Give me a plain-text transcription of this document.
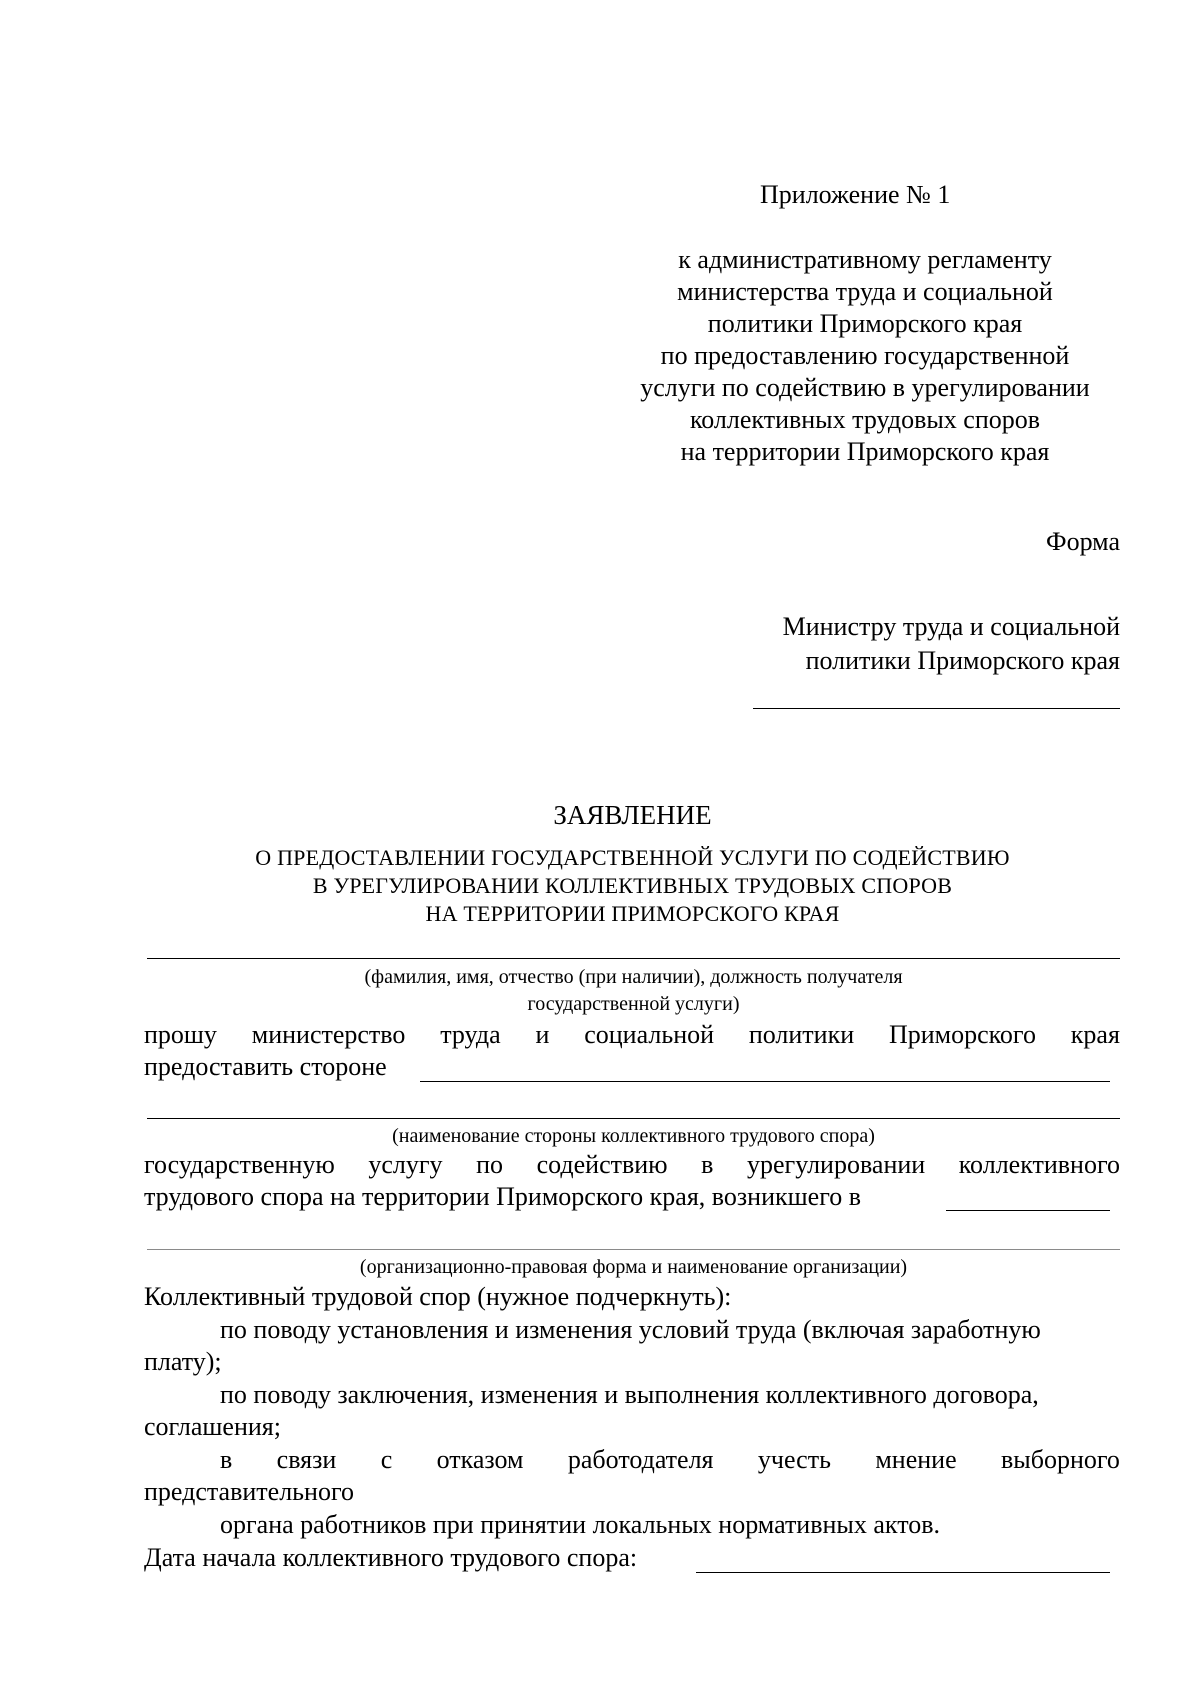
Приложение № 1
к административному регламенту
министерства труда и социальной
политики Приморского края
по предоставлению государственной
услуги по содействию в урегулировании
коллективных трудовых споров
на территории Приморского края
Форма
Министру труда и социальной
политики Приморского края
ЗАЯВЛЕНИЕ
О ПРЕДОСТАВЛЕНИИ ГОСУДАРСТВЕННОЙ УСЛУГИ ПО СОДЕЙСТВИЮ
В УРЕГУЛИРОВАНИИ КОЛЛЕКТИВНЫХ ТРУДОВЫХ СПОРОВ
НА ТЕРРИТОРИИ ПРИМОРСКОГО КРАЯ
(фамилия, имя, отчество (при наличии), должность получателя
государственной услуги)
прошу министерство труда и социальной политики Приморского края
предоставить стороне
(наименование стороны коллективного трудового спора)
государственную услугу по содействию в урегулировании коллективного
трудового спора на территории Приморского края, возникшего в
(организационно-правовая форма и наименование организации)
Коллективный трудовой спор (нужное подчеркнуть):
по поводу установления и изменения условий труда (включая заработную
плату);
по поводу заключения, изменения и выполнения коллективного договора,
соглашения;
в связи с отказом работодателя учесть мнение выборного
представительного
органа работников при принятии локальных нормативных актов.
Дата начала коллективного трудового спора:
